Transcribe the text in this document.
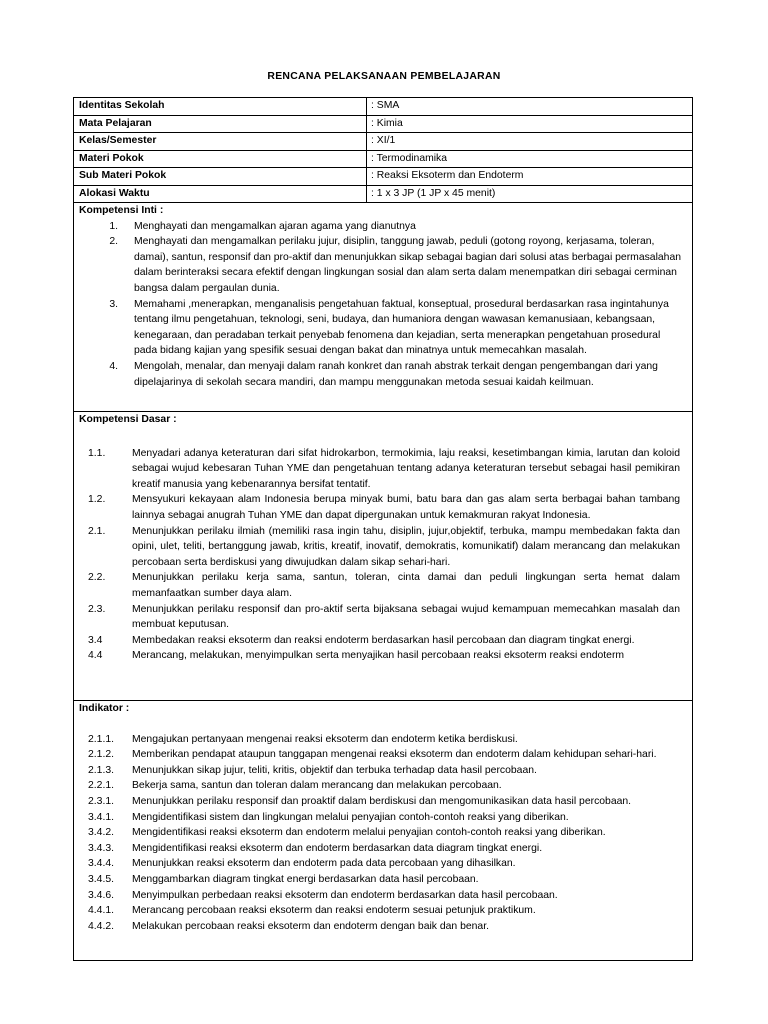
RENCANA PELAKSANAAN PEMBELAJARAN
Identitas Sekolah	: SMA
Mata Pelajaran	: Kimia
Kelas/Semester	: XI/1
Materi Pokok	: Termodinamika
Sub Materi Pokok	: Reaksi Eksoterm dan Endoterm
Alokasi Waktu	: 1 x 3 JP (1 JP x 45 menit)
Kompetensi Inti :
1.	Menghayati dan mengamalkan ajaran agama yang dianutnya
2.	Menghayati dan mengamalkan perilaku jujur, disiplin, tanggung jawab, peduli (gotong royong, kerjasama, toleran, damai), santun, responsif dan pro-aktif dan menunjukkan sikap sebagai bagian dari solusi atas berbagai permasalahan dalam berinteraksi secara efektif dengan lingkungan sosial dan alam serta dalam menempatkan diri sebagai cerminan bangsa dalam pergaulan dunia.
3.	Memahami ,menerapkan, menganalisis pengetahuan faktual, konseptual, prosedural berdasarkan rasa ingintahunya tentang ilmu pengetahuan, teknologi, seni, budaya, dan humaniora dengan wawasan kemanusiaan, kebangsaan, kenegaraan, dan peradaban terkait penyebab fenomena dan kejadian, serta menerapkan pengetahuan prosedural pada bidang kajian yang spesifik sesuai dengan bakat dan minatnya untuk memecahkan masalah.
4.	Mengolah, menalar, dan menyaji dalam ranah konkret dan ranah abstrak terkait dengan pengembangan dari yang dipelajarinya di sekolah secara mandiri, dan mampu menggunakan metoda sesuai kaidah keilmuan.
Kompetensi Dasar :
1.1.	Menyadari adanya keteraturan dari sifat hidrokarbon, termokimia, laju reaksi, kesetimbangan kimia, larutan dan koloid sebagai wujud kebesaran Tuhan YME dan pengetahuan tentang adanya keteraturan tersebut sebagai hasil pemikiran kreatif manusia yang kebenarannya bersifat tentatif.
1.2.	Mensyukuri kekayaan alam Indonesia berupa minyak bumi, batu bara dan gas alam serta berbagai bahan tambang lainnya sebagai anugrah Tuhan YME dan dapat dipergunakan untuk kemakmuran rakyat Indonesia.
2.1.	Menunjukkan perilaku ilmiah (memiliki rasa ingin tahu, disiplin, jujur,objektif, terbuka, mampu membedakan fakta dan opini, ulet, teliti, bertanggung jawab, kritis, kreatif, inovatif, demokratis, komunikatif) dalam merancang dan melakukan percobaan serta berdiskusi yang diwujudkan dalam sikap sehari-hari.
2.2.	Menunjukkan perilaku kerja sama, santun, toleran, cinta damai dan peduli lingkungan serta hemat dalam memanfaatkan sumber daya alam.
2.3.	Menunjukkan perilaku responsif dan pro-aktif serta bijaksana sebagai wujud kemampuan memecahkan masalah dan membuat keputusan.
3.4	Membedakan reaksi eksoterm dan reaksi endoterm berdasarkan hasil percobaan dan diagram tingkat energi.
4.4	Merancang, melakukan, menyimpulkan serta menyajikan hasil percobaan reaksi eksoterm reaksi endoterm
Indikator :
2.1.1.	Mengajukan pertanyaan mengenai reaksi eksoterm dan endoterm ketika berdiskusi.
2.1.2.	Memberikan pendapat ataupun tanggapan mengenai reaksi eksoterm dan endoterm dalam kehidupan sehari-hari.
2.1.3.	Menunjukkan sikap jujur, teliti, kritis, objektif dan terbuka terhadap data hasil percobaan.
2.2.1.	Bekerja sama, santun dan toleran dalam merancang dan melakukan percobaan.
2.3.1.	Menunjukkan perilaku responsif dan proaktif dalam berdiskusi dan mengomunikasikan data hasil percobaan.
3.4.1.	Mengidentifikasi sistem dan lingkungan melalui penyajian contoh-contoh reaksi yang diberikan.
3.4.2.	Mengidentifikasi reaksi eksoterm dan endoterm melalui penyajian contoh-contoh reaksi yang diberikan.
3.4.3.	Mengidentifikasi reaksi eksoterm dan endoterm berdasarkan data diagram tingkat energi.
3.4.4.	Menunjukkan reaksi eksoterm dan endoterm pada data percobaan yang dihasilkan.
3.4.5.	Menggambarkan diagram tingkat energi berdasarkan data hasil percobaan.
3.4.6.	Menyimpulkan perbedaan reaksi eksoterm dan endoterm berdasarkan data hasil percobaan.
4.4.1.	Merancang percobaan reaksi eksoterm dan reaksi endoterm sesuai petunjuk praktikum.
4.4.2.	Melakukan percobaan reaksi eksoterm dan endoterm dengan baik dan benar.
